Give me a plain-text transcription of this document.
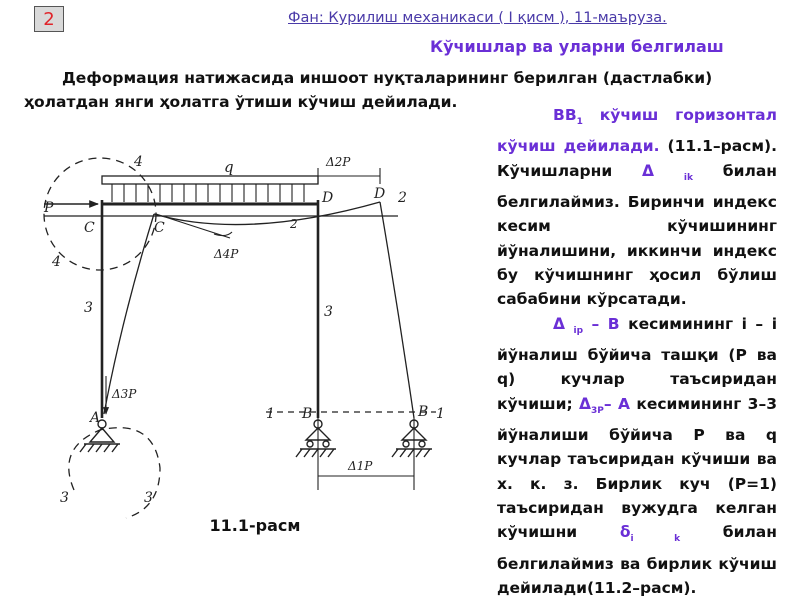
2	Фан: Курилиш механикаси ( I қисм ), 11-маъруза.
Кўчишлар ва уларни белгилаш

Деформация натижасида иншоот нуқталарининг берилган (дастлабки) ҳолатдан янги ҳолатга ўтиши кўчиш дейилади.

$BB_1$ кўчиш горизонтал кўчиш дейилади. (11.1–расм). Кўчишларни Δ	$_{ik}$ билан белгилаймиз. Биринчи индекс кесим кўчишининг йўналишини, иккинчи индекс бу кўчишнинг ҳосил бўлиш сабабини кўрсатади.
Δ $_{ip}$ – B кесимининг i – i йўналиш бўйича ташқи (P ва q) кучлар таъсиридан кўчиши; $\Delta_{3P}-$ A кесимининг 3–3 йўналиши бўйича P ва q кучлар таъсиридан кўчиши ва х. к. з. Бирлик куч (P=1) таъсиридан вужудга келган кўчишни $\delta_{i k}$ билан белгилаймиз ва бирлик кўчиш дейилади(11.2–расм).

P
q
4
4
2
2
C	C
D	D
3	3
3	3
A	B	B
1	1
Δ2P
Δ4P
Δ3P
Δ1P
11.1-расм
